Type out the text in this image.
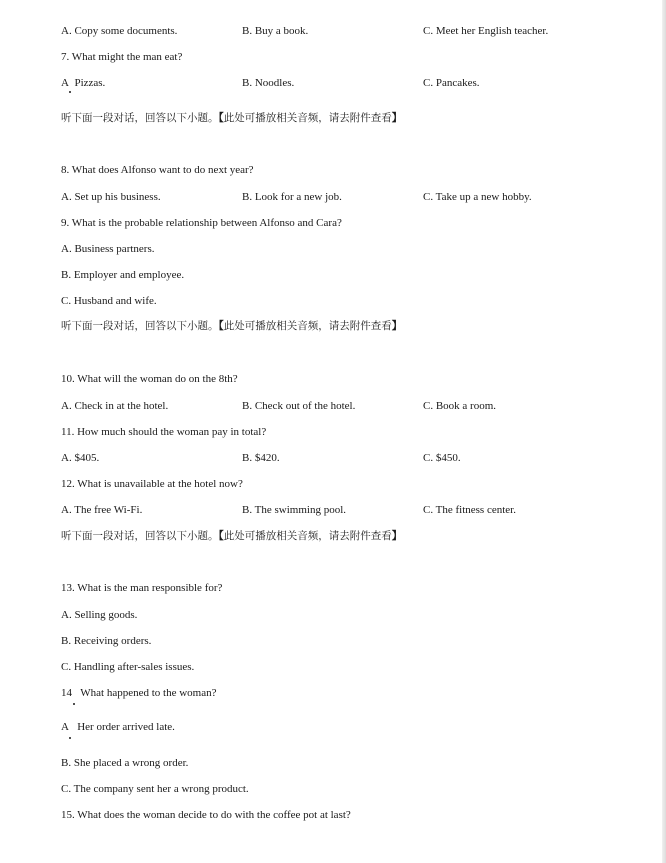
A. Copy some documents.	B. Buy a book.	C. Meet her English teacher.
7. What might the man eat?
A Pizzas.	B. Noodles.	C. Pancakes.
听下面一段对话，回答以下小题。【此处可播放相关音频，请去附件查看】
8. What does Alfonso want to do next year?
A. Set up his business.	B. Look for a new job.	C. Take up a new hobby.
9. What is the probable relationship between Alfonso and Cara?
A. Business partners.
B. Employer and employee.
C. Husband and wife.
听下面一段对话，回答以下小题。【此处可播放相关音频，请去附件查看】
10. What will the woman do on the 8th?
A. Check in at the hotel.	B. Check out of the hotel.	C. Book a room.
11. How much should the woman pay in total?
A. $405.	B. $420.	C. $450.
12. What is unavailable at the hotel now?
A. The free Wi-Fi.	B. The swimming pool.	C. The fitness center.
听下面一段对话，回答以下小题。【此处可播放相关音频，请去附件查看】
13. What is the man responsible for?
A. Selling goods.
B. Receiving orders.
C. Handling after-sales issues.
14 What happened to the woman?
A Her order arrived late.
B. She placed a wrong order.
C. The company sent her a wrong product.
15. What does the woman decide to do with the coffee pot at last?
